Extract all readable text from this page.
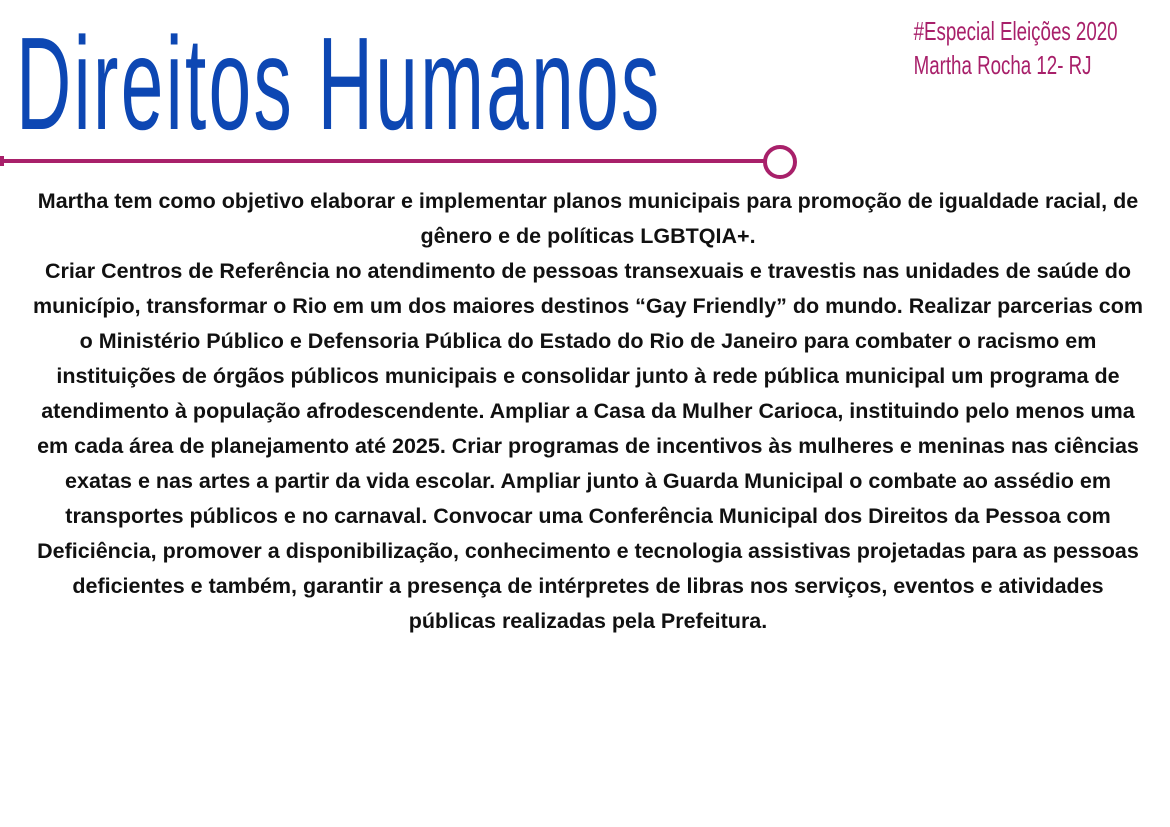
Direitos Humanos	#Especial Eleições 2020
Martha Rocha 12- RJ

Martha tem como objetivo elaborar e implementar planos municipais para promoção de igualdade racial, de gênero e de políticas LGBTQIA+.

Criar Centros de Referência no atendimento de pessoas transexuais e travestis nas unidades de saúde do município, transformar o Rio em um dos maiores destinos “Gay Friendly” do mundo. Realizar parcerias com o Ministério Público e Defensoria Pública do Estado do Rio de Janeiro para combater o racismo em instituições de órgãos públicos municipais e consolidar junto à rede pública municipal um programa de atendimento à população afrodescendente. Ampliar a Casa da Mulher Carioca, instituindo pelo menos uma em cada área de planejamento até 2025. Criar programas de incentivos às mulheres e meninas nas ciências exatas e nas artes a partir da vida escolar. Ampliar junto à Guarda Municipal o combate ao assédio em transportes públicos e no carnaval. Convocar uma Conferência Municipal dos Direitos da Pessoa com Deficiência, promover a disponibilização, conhecimento e tecnologia assistivas projetadas para as pessoas deficientes e também, garantir a presença de intérpretes de libras nos serviços, eventos e atividades públicas realizadas pela Prefeitura.
